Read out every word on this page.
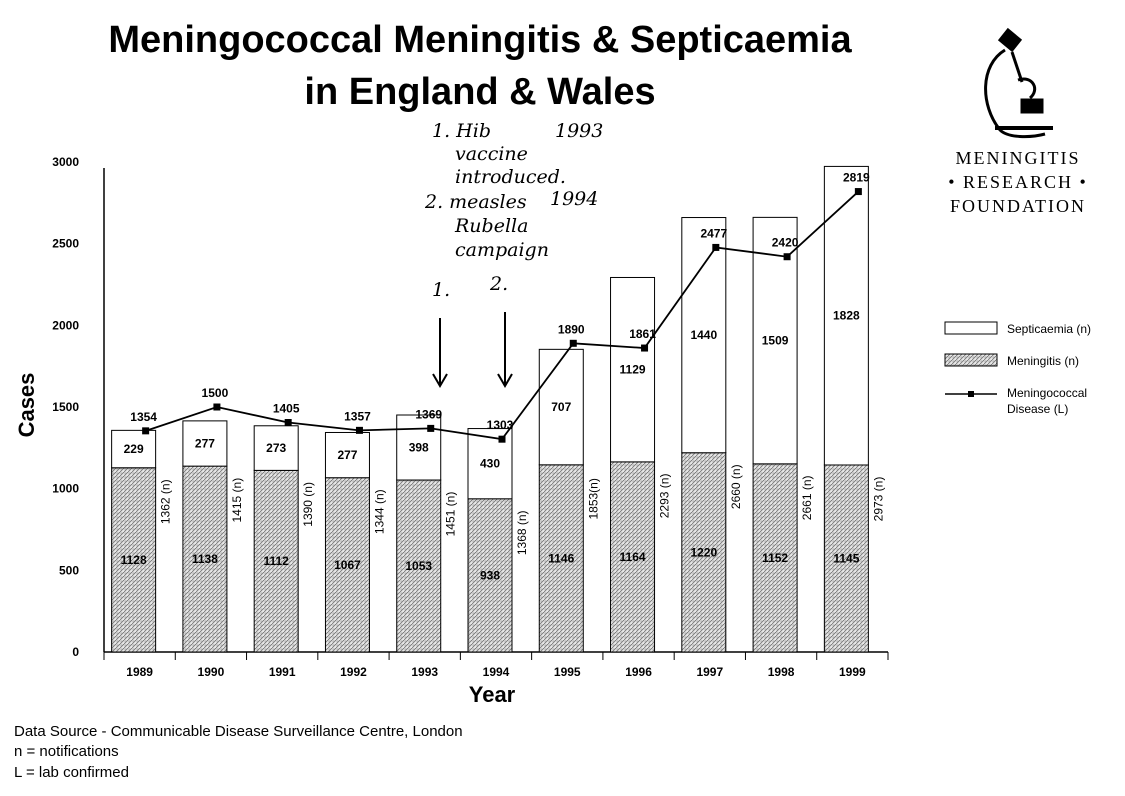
Meningococcal Meningitis & Septicaemia
in England & Wales
MENINGITIS
• RESEARCH •
FOUNDATION
1. Hib	1993
vaccine
introduced.
2. measles 1994
Rubella
campaign
1. 2.
0
500
1000
1500
2000
2500
3000
1989	1990	1991	1992	1993	1994	1995	1996	1997	1998	1999
Cases
Year
1128
229
1362 (n)
1138
277
1415 (n)
1112
273
1390 (n)
1067
277
1344 (n)
1053
398
1451 (n)
938
430
1368 (n)
1146
707
1853(n)
1164
1129
2293 (n)
1220
1440
2660 (n)
1152
1509
2661 (n)
1145
1828
2973 (n)
1354
1500
1405
1357	1369
1303
1890	1861
2477
2420
2819
Septicaemia (n)
Meningitis (n)
Meningococcal
Disease (L)
Data Source - Communicable Disease Surveillance Centre, London
n = notifications
L = lab confirmed
